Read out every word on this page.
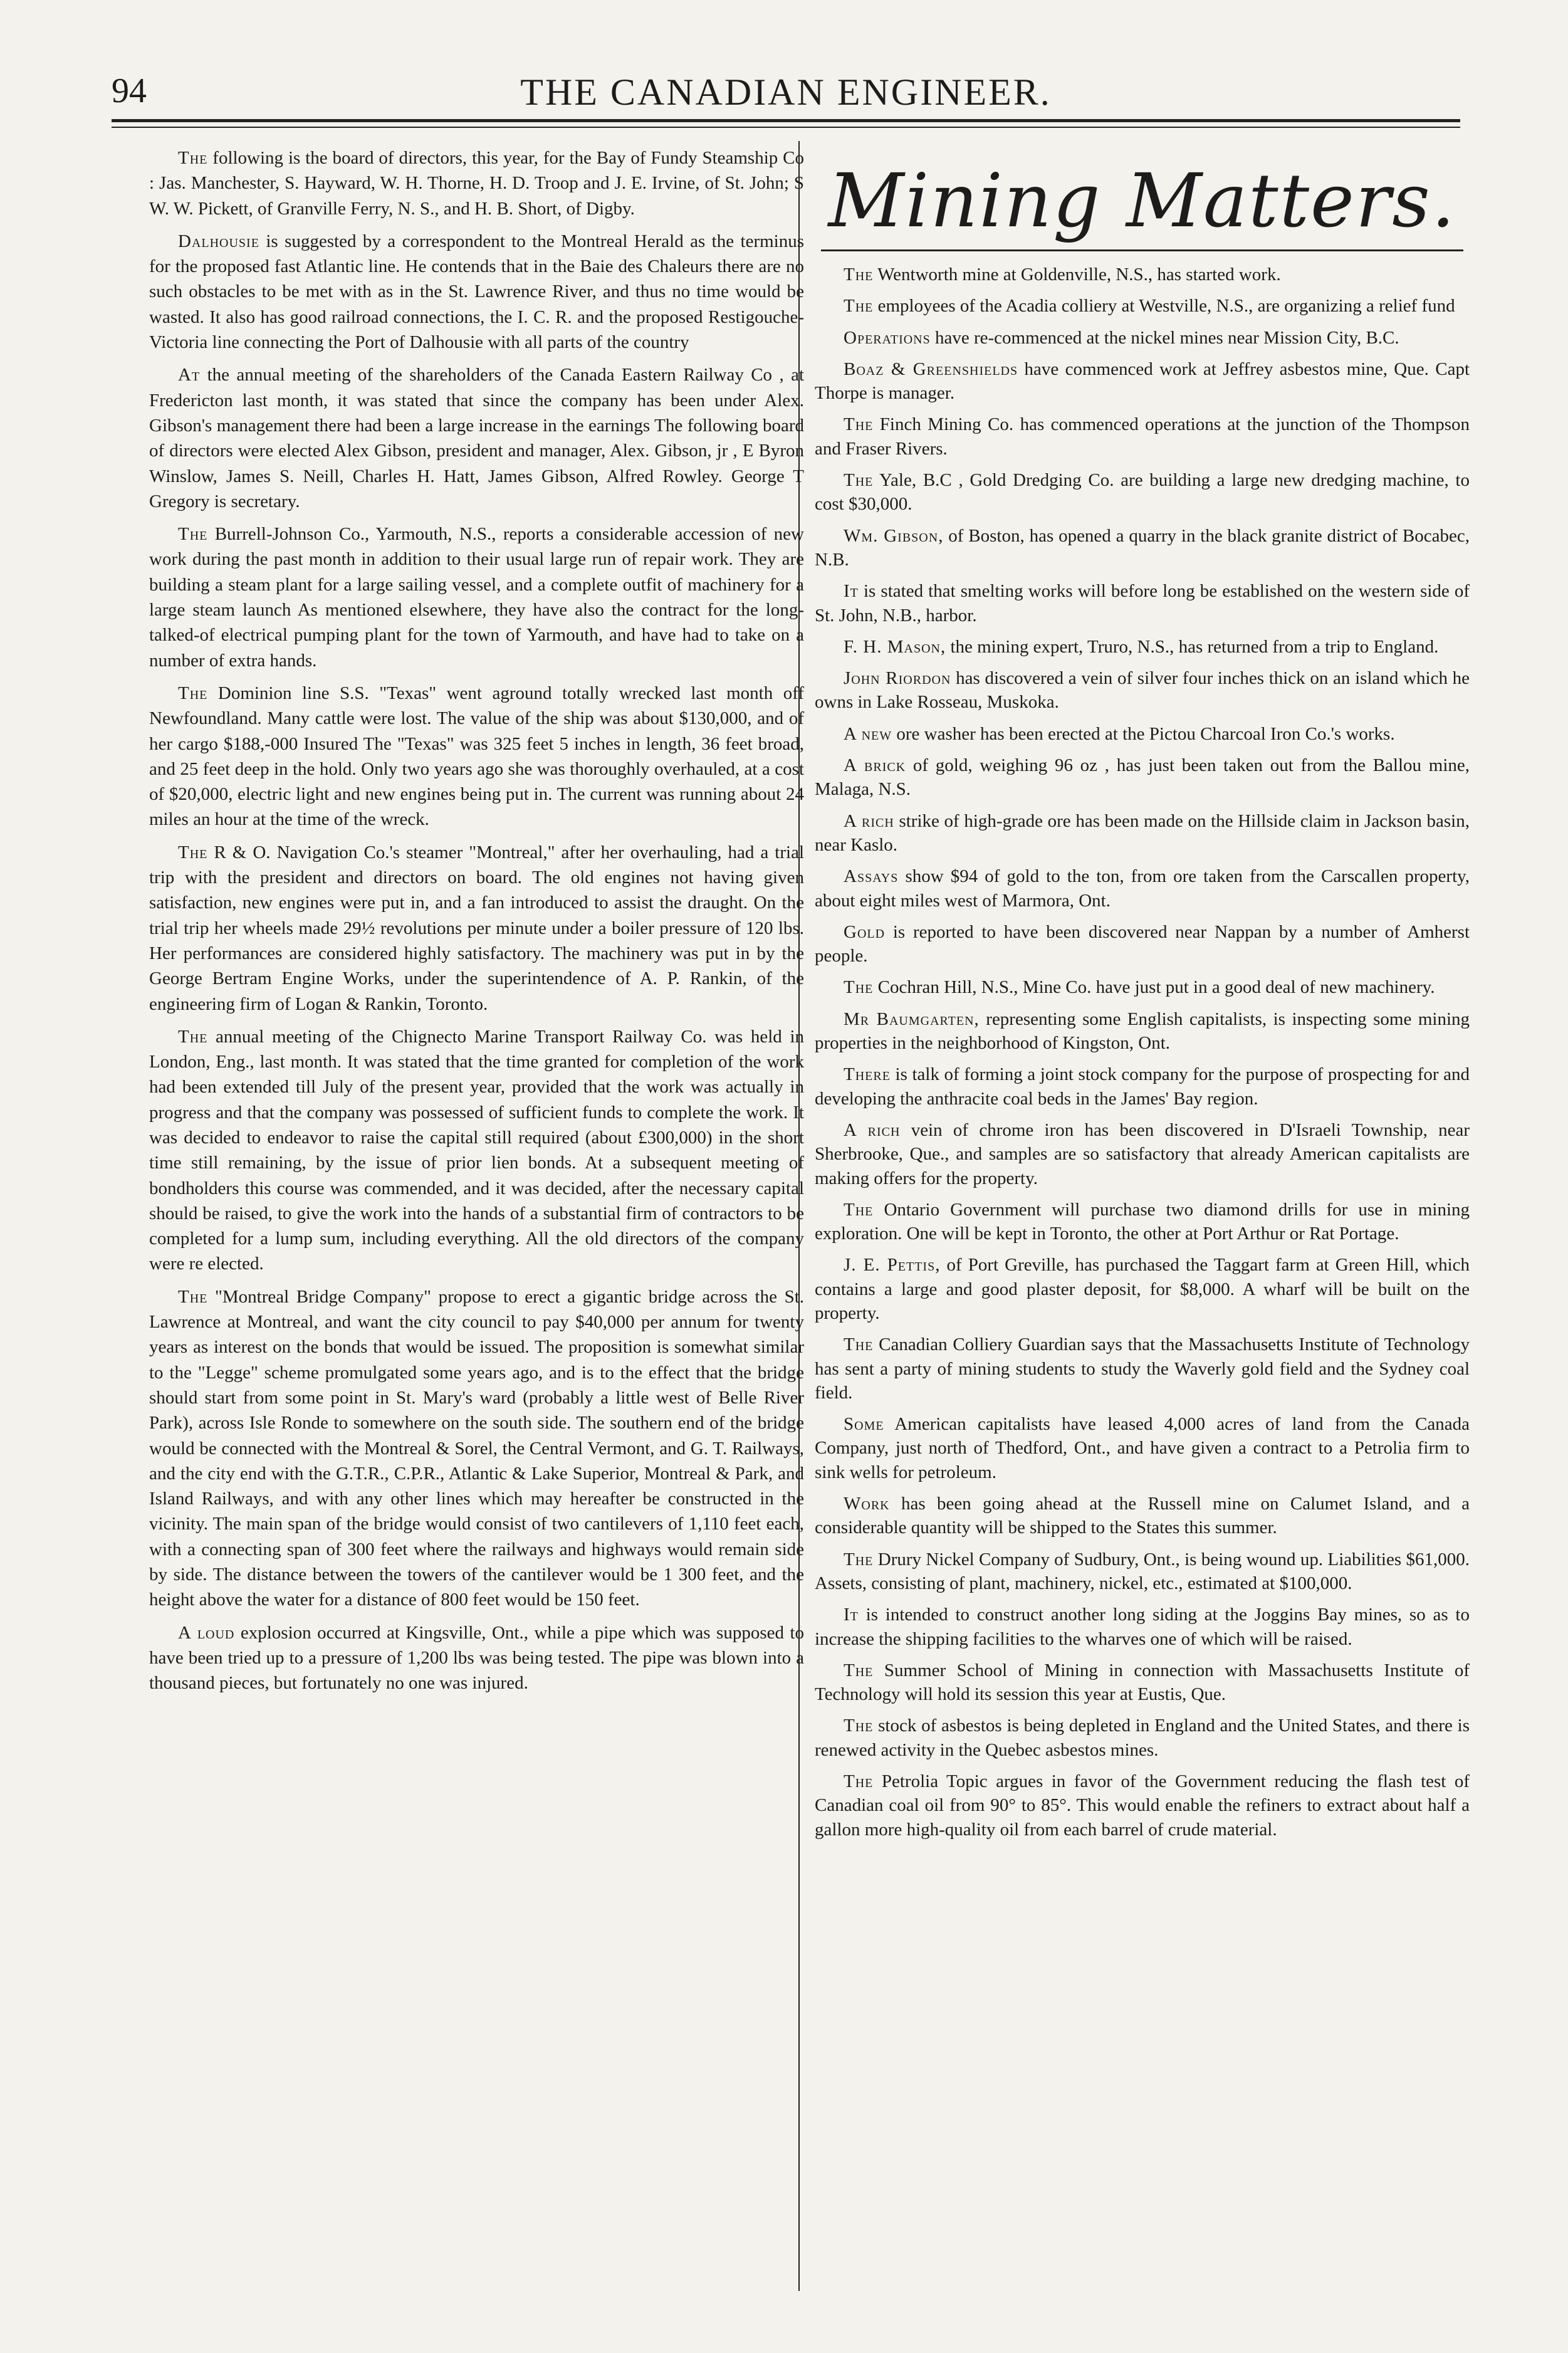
94	THE CANADIAN ENGINEER.

The following is the board of directors, this year, for the Bay of Fundy Steamship Co : Jas. Manchester, S. Hayward, W. H. Thorne, H. D. Troop and J. E. Irvine, of St. John; S W. W. Pickett, of Granville Ferry, N. S., and H. B. Short, of Digby.

Dalhousie is suggested by a correspondent to the Montreal Herald as the terminus for the proposed fast Atlantic line. He contends that in the Baie des Chaleurs there are no such obstacles to be met with as in the St. Lawrence River, and thus no time would be wasted. It also has good railroad connections, the I. C. R. and the proposed Restigouche-Victoria line connecting the Port of Dalhousie with all parts of the country

At the annual meeting of the shareholders of the Canada Eastern Railway Co , at Fredericton last month, it was stated that since the company has been under Alex. Gibson's management there had been a large increase in the earnings The following board of directors were elected Alex Gibson, president and manager, Alex. Gibson, jr , E Byron Winslow, James S. Neill, Charles H. Hatt, James Gibson, Alfred Rowley. George T Gregory is secretary.

The Burrell-Johnson Co., Yarmouth, N.S., reports a considerable accession of new work during the past month in addition to their usual large run of repair work. They are building a steam plant for a large sailing vessel, and a complete outfit of machinery for a large steam launch As mentioned elsewhere, they have also the contract for the long-talked-of electrical pumping plant for the town of Yarmouth, and have had to take on a number of extra hands.

The Dominion line S.S. "Texas" went aground totally wrecked last month off Newfoundland. Many cattle were lost. The value of the ship was about $130,000, and of her cargo $188,-000 Insured The "Texas" was 325 feet 5 inches in length, 36 feet broad, and 25 feet deep in the hold. Only two years ago she was thoroughly overhauled, at a cost of $20,000, electric light and new engines being put in. The current was running about 24 miles an hour at the time of the wreck.

The R & O. Navigation Co.'s steamer "Montreal," after her overhauling, had a trial trip with the president and directors on board. The old engines not having given satisfaction, new engines were put in, and a fan introduced to assist the draught. On the trial trip her wheels made 29½ revolutions per minute under a boiler pressure of 120 lbs. Her performances are considered highly satisfactory. The machinery was put in by the George Bertram Engine Works, under the superintendence of A. P. Rankin, of the engineering firm of Logan & Rankin, Toronto.

The annual meeting of the Chignecto Marine Transport Railway Co. was held in London, Eng., last month. It was stated that the time granted for completion of the work had been extended till July of the present year, provided that the work was actually in progress and that the company was possessed of sufficient funds to complete the work. It was decided to endeavor to raise the capital still required (about £300,000) in the short time still remaining, by the issue of prior lien bonds. At a subsequent meeting of bondholders this course was commended, and it was decided, after the necessary capital should be raised, to give the work into the hands of a substantial firm of contractors to be completed for a lump sum, including everything. All the old directors of the company were re elected.

The "Montreal Bridge Company" propose to erect a gigantic bridge across the St. Lawrence at Montreal, and want the city council to pay $40,000 per annum for twenty years as interest on the bonds that would be issued. The proposition is somewhat similar to the "Legge" scheme promulgated some years ago, and is to the effect that the bridge should start from some point in St. Mary's ward (probably a little west of Belle River Park), across Isle Ronde to somewhere on the south side. The southern end of the bridge would be connected with the Montreal & Sorel, the Central Vermont, and G. T. Railways, and the city end with the G.T.R., C.P.R., Atlantic & Lake Superior, Montreal & Park, and Island Railways, and with any other lines which may hereafter be constructed in the vicinity. The main span of the bridge would consist of two cantilevers of 1,110 feet each, with a connecting span of 300 feet where the railways and highways would remain side by side. The distance between the towers of the cantilever would be 1 300 feet, and the height above the water for a distance of 800 feet would be 150 feet.

A loud explosion occurred at Kingsville, Ont., while a pipe which was supposed to have been tried up to a pressure of 1,200 lbs was being tested. The pipe was blown into a thousand pieces, but fortunately no one was injured.

Mining Matters.

The Wentworth mine at Goldenville, N.S., has started work.

The employees of the Acadia colliery at Westville, N.S., are organizing a relief fund

Operations have re-commenced at the nickel mines near Mission City, B.C.

Boaz & Greenshields have commenced work at Jeffrey asbestos mine, Que. Capt Thorpe is manager.

The Finch Mining Co. has commenced operations at the junction of the Thompson and Fraser Rivers.

The Yale, B.C , Gold Dredging Co. are building a large new dredging machine, to cost $30,000.

Wm. Gibson, of Boston, has opened a quarry in the black granite district of Bocabec, N.B.

It is stated that smelting works will before long be established on the western side of St. John, N.B., harbor.

F. H. Mason, the mining expert, Truro, N.S., has returned from a trip to England.

John Riordon has discovered a vein of silver four inches thick on an island which he owns in Lake Rosseau, Muskoka.

A new ore washer has been erected at the Pictou Charcoal Iron Co.'s works.

A brick of gold, weighing 96 oz , has just been taken out from the Ballou mine, Malaga, N.S.

A rich strike of high-grade ore has been made on the Hillside claim in Jackson basin, near Kaslo.

Assays show $94 of gold to the ton, from ore taken from the Carscallen property, about eight miles west of Marmora, Ont.

Gold is reported to have been discovered near Nappan by a number of Amherst people.

The Cochran Hill, N.S., Mine Co. have just put in a good deal of new machinery.

Mr Baumgarten, representing some English capitalists, is inspecting some mining properties in the neighborhood of Kingston, Ont.

There is talk of forming a joint stock company for the purpose of prospecting for and developing the anthracite coal beds in the James' Bay region.

A rich vein of chrome iron has been discovered in D'Israeli Township, near Sherbrooke, Que., and samples are so satisfactory that already American capitalists are making offers for the property.

The Ontario Government will purchase two diamond drills for use in mining exploration. One will be kept in Toronto, the other at Port Arthur or Rat Portage.

J. E. Pettis, of Port Greville, has purchased the Taggart farm at Green Hill, which contains a large and good plaster deposit, for $8,000. A wharf will be built on the property.

The Canadian Colliery Guardian says that the Massachusetts Institute of Technology has sent a party of mining students to study the Waverly gold field and the Sydney coal field.

Some American capitalists have leased 4,000 acres of land from the Canada Company, just north of Thedford, Ont., and have given a contract to a Petrolia firm to sink wells for petroleum.

Work has been going ahead at the Russell mine on Calumet Island, and a considerable quantity will be shipped to the States this summer.

The Drury Nickel Company of Sudbury, Ont., is being wound up. Liabilities $61,000. Assets, consisting of plant, machinery, nickel, etc., estimated at $100,000.

It is intended to construct another long siding at the Joggins Bay mines, so as to increase the shipping facilities to the wharves one of which will be raised.

The Summer School of Mining in connection with Massachusetts Institute of Technology will hold its session this year at Eustis, Que.

The stock of asbestos is being depleted in England and the United States, and there is renewed activity in the Quebec asbestos mines.

The Petrolia Topic argues in favor of the Government reducing the flash test of Canadian coal oil from 90° to 85°. This would enable the refiners to extract about half a gallon more high-quality oil from each barrel of crude material.
